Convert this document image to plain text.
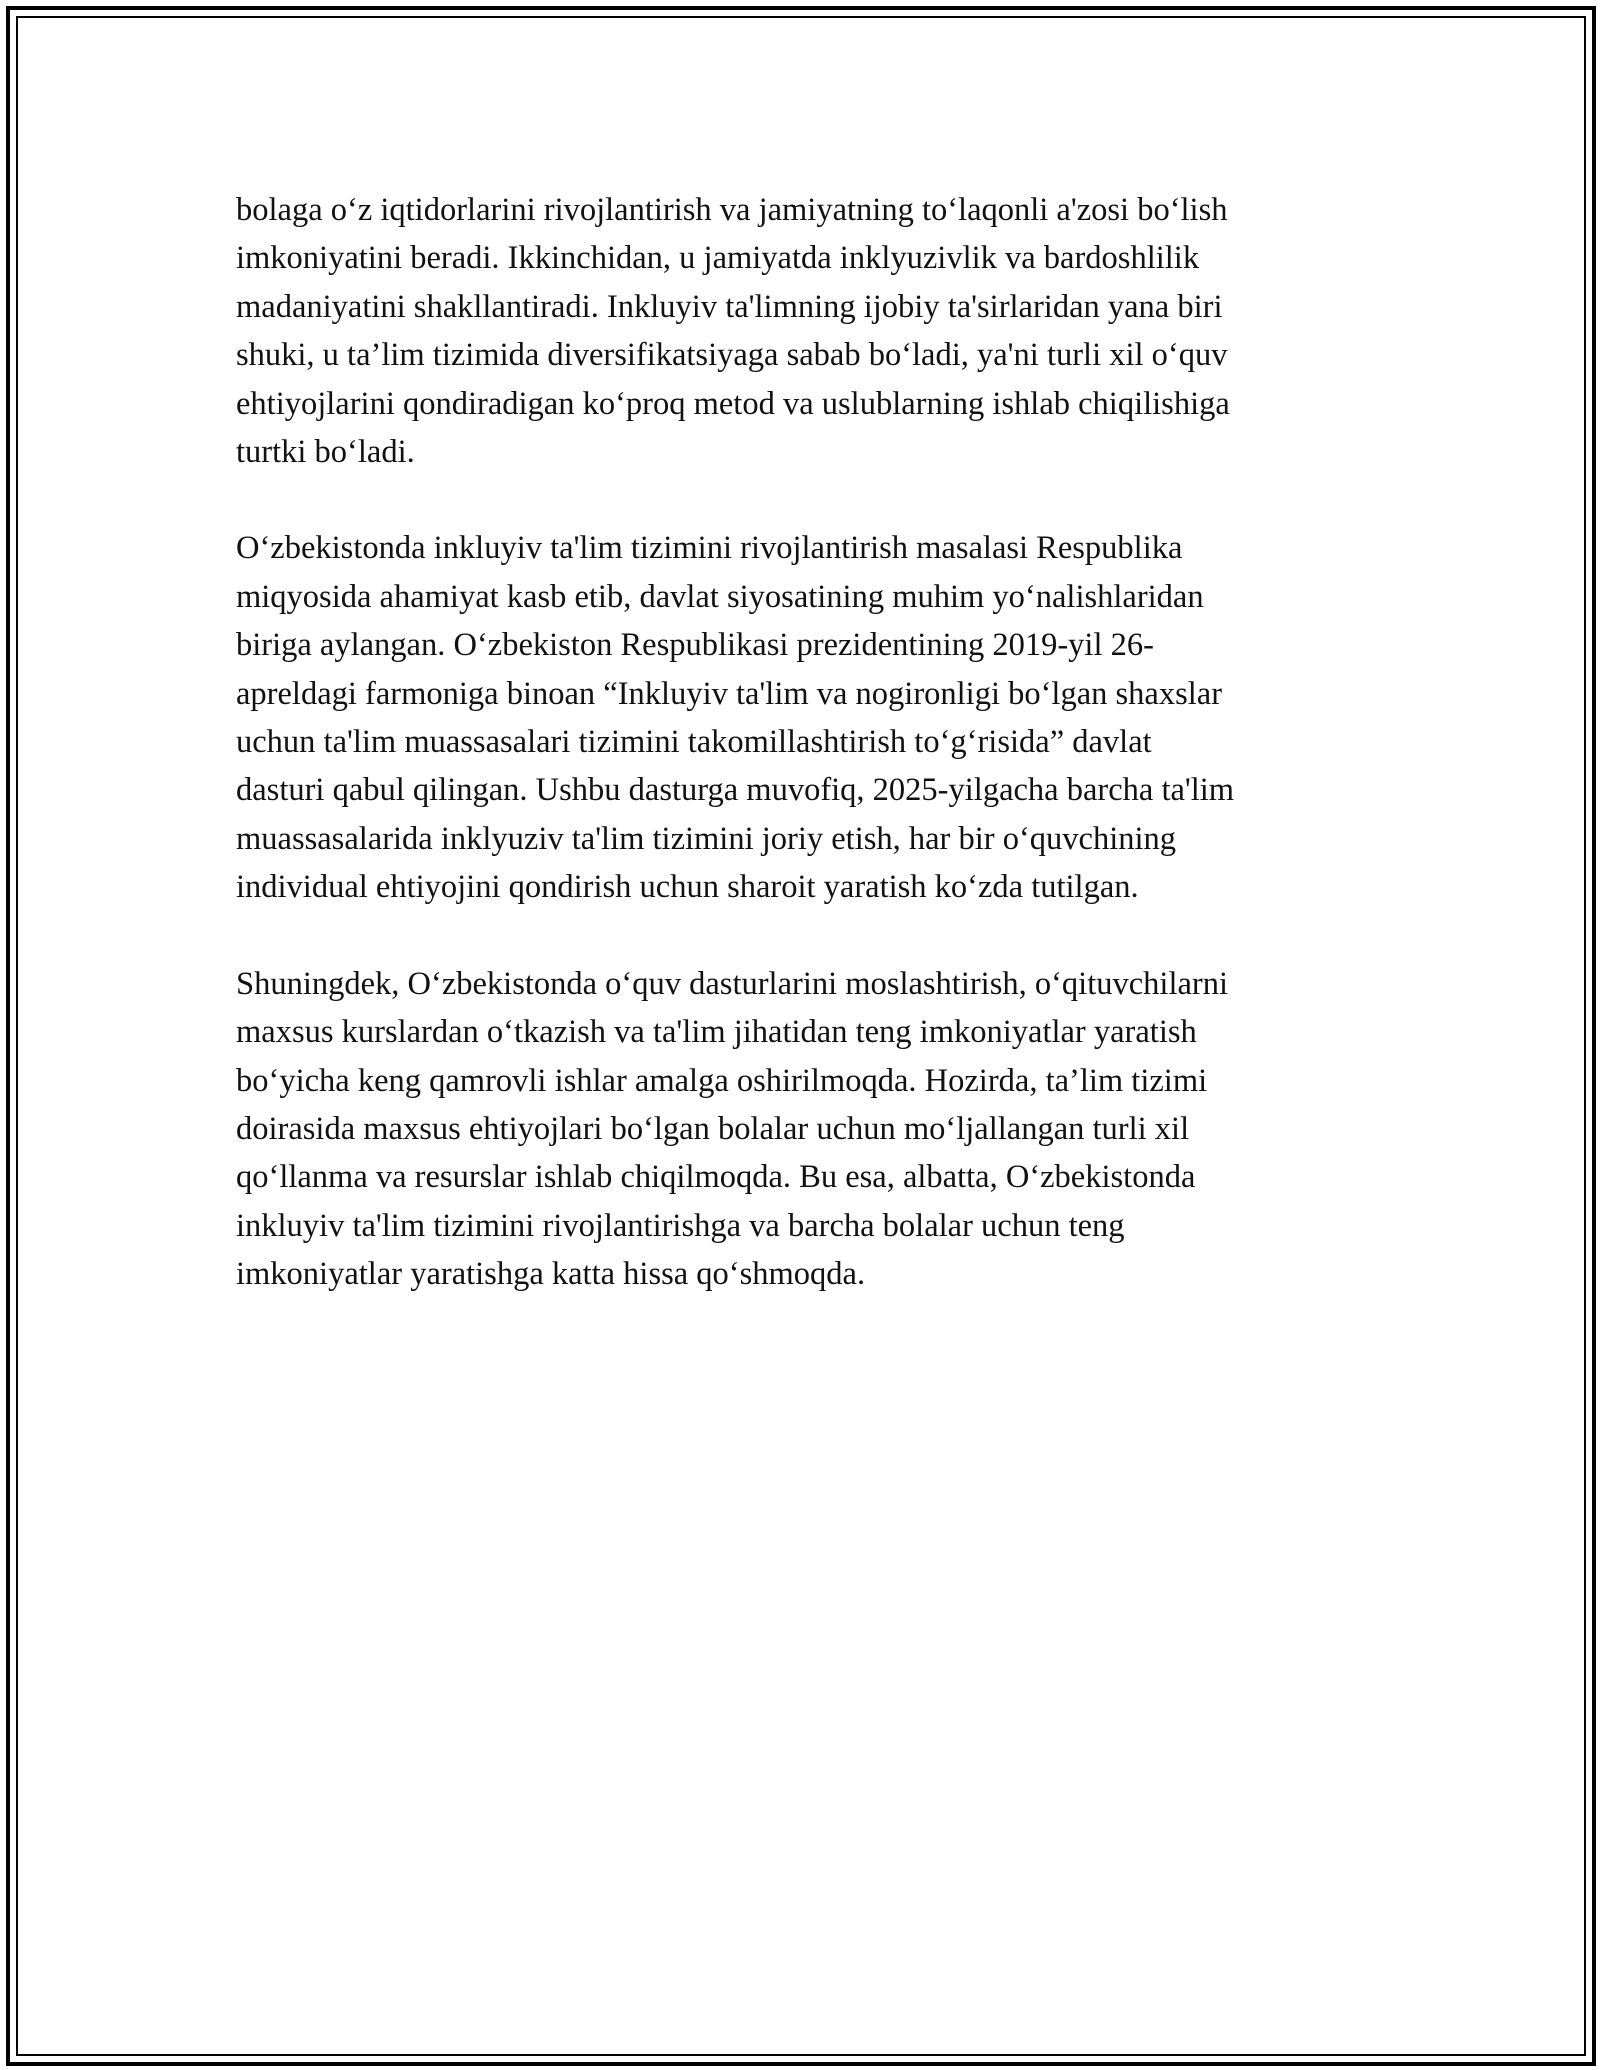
bolaga o‘z iqtidorlarini rivojlantirish va jamiyatning to‘laqonli a'zosi bo‘lish
imkoniyatini beradi. Ikkinchidan, u jamiyatda inklyuzivlik va bardoshlilik
madaniyatini shakllantiradi. Inkluyiv ta'limning ijobiy ta'sirlaridan yana biri
shuki, u ta’lim tizimida diversifikatsiyaga sabab bo‘ladi, ya'ni turli xil o‘quv
ehtiyojlarini qondiradigan ko‘proq metod va uslublarning ishlab chiqilishiga
turtki bo‘ladi.

O‘zbekistonda inkluyiv ta'lim tizimini rivojlantirish masalasi Respublika
miqyosida ahamiyat kasb etib, davlat siyosatining muhim yo‘nalishlaridan
biriga aylangan. O‘zbekiston Respublikasi prezidentining 2019-yil 26-
apreldagi farmoniga binoan “Inkluyiv ta'lim va nogironligi bo‘lgan shaxslar
uchun ta'lim muassasalari tizimini takomillashtirish to‘g‘risida” davlat
dasturi qabul qilingan. Ushbu dasturga muvofiq, 2025-yilgacha barcha ta'lim
muassasalarida inklyuziv ta'lim tizimini joriy etish, har bir o‘quvchining
individual ehtiyojini qondirish uchun sharoit yaratish ko‘zda tutilgan.

Shuningdek, O‘zbekistonda o‘quv dasturlarini moslashtirish, o‘qituvchilarni
maxsus kurslardan o‘tkazish va ta'lim jihatidan teng imkoniyatlar yaratish
bo‘yicha keng qamrovli ishlar amalga oshirilmoqda. Hozirda, ta’lim tizimi
doirasida maxsus ehtiyojlari bo‘lgan bolalar uchun mo‘ljallangan turli xil
qo‘llanma va resurslar ishlab chiqilmoqda. Bu esa, albatta, O‘zbekistonda
inkluyiv ta'lim tizimini rivojlantirishga va barcha bolalar uchun teng
imkoniyatlar yaratishga katta hissa qo‘shmoqda.
